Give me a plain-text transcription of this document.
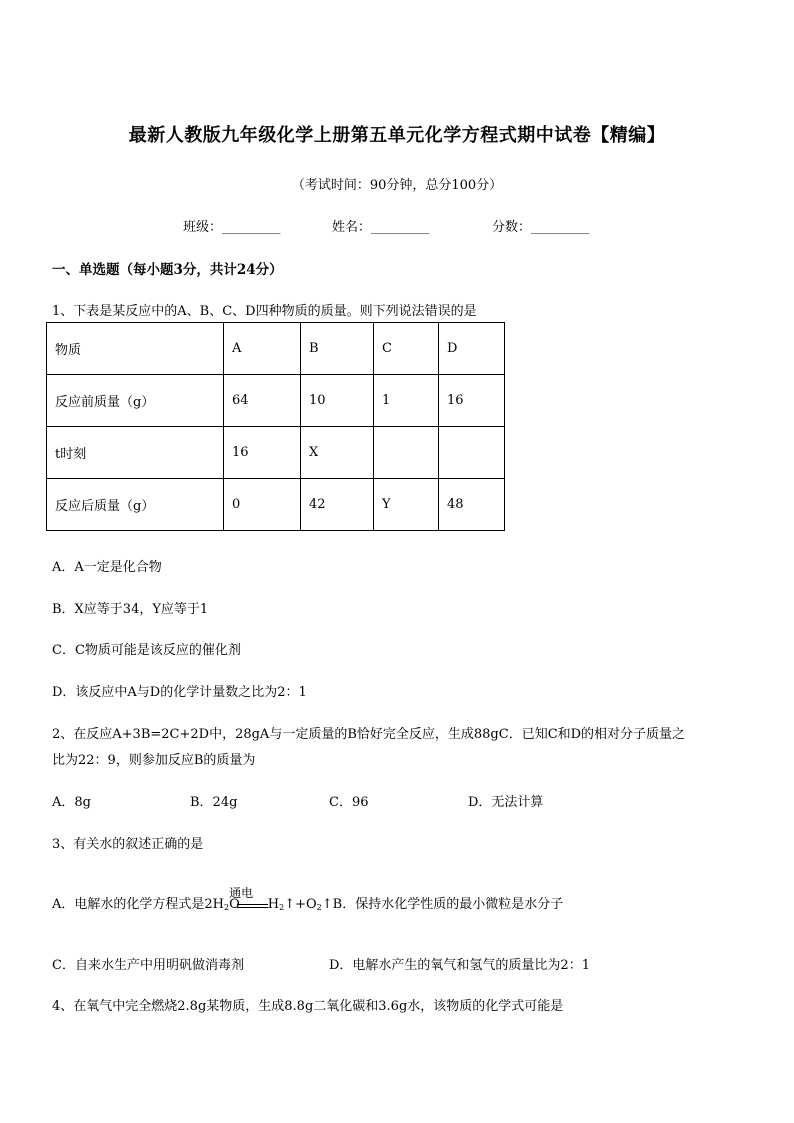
最新人教版九年级化学上册第五单元化学方程式期中试卷【精编】
（考试时间：90分钟，总分100分）
班级：_________	姓名：_________	分数：_________
一、单选题（每小题3分，共计24分）
1、下表是某反应中的A、B、C、D四种物质的质量。则下列说法错误的是
物质	A	B	C	D
反应前质量（g）	64	10	1	16
t时刻	16	X		
反应后质量（g）	0	42	Y	48
A．A一定是化合物
B．X应等于34，Y应等于1
C．C物质可能是该反应的催化剂
D．该反应中A与D的化学计量数之比为2：1
2、在反应A+3B=2C+2D中，28gA与一定质量的B恰好完全反应，生成88gC．已知C和D的相对分子质量之
比为22：9，则参加反应B的质量为
A．8g	B．24g	C．96	D．无法计算
3、有关水的叙述正确的是
A．电解水的化学方程式是$2H_2O$
通电
$H_2↑+O_2↑B$．保持水化学性质的最小微粒是水分子
C．自来水生产中用明矾做消毒剂	D．电解水产生的氧气和氢气的质量比为2：1
4、在氧气中完全燃烧2.8g某物质，生成8.8g二氧化碳和3.6g水，该物质的化学式可能是
